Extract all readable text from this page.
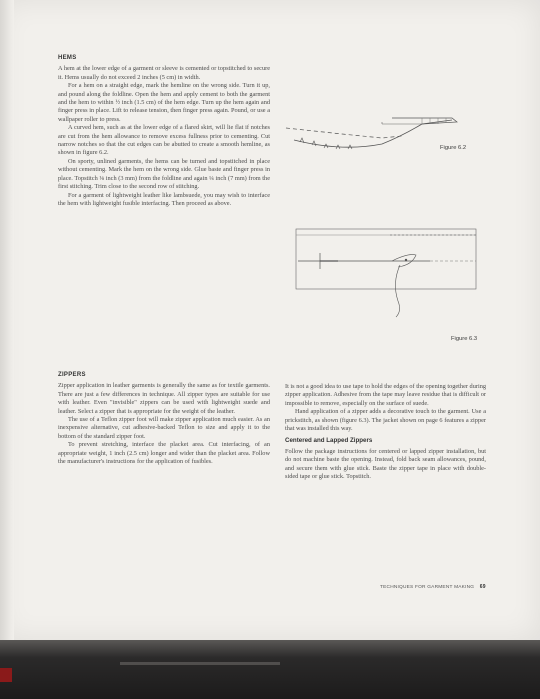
HEMS

A hem at the lower edge of a garment or sleeve is cemented or topstitched to secure it. Hems usually do not exceed 2 inches (5 cm) in width.

For a hem on a straight edge, mark the hemline on the wrong side. Turn it up, and pound along the foldline. Open the hem and apply cement to both the garment and the hem to within ½ inch (1.5 cm) of the hem edge. Turn up the hem again and finger press in place. Lift to release tension, then finger press again. Pound, or use a wallpaper roller to press.

A curved hem, such as at the lower edge of a flared skirt, will lie flat if notches are cut from the hem allowance to remove excess fullness prior to cementing. Cut narrow notches so that the cut edges can be abutted to create a smooth hemline, as shown in figure 6.2.

On sporty, unlined garments, the hems can be turned and topstitched in place without cementing. Mark the hem on the wrong side. Glue baste and finger press in place. Topstitch ⅛ inch (3 mm) from the foldline and again ¼ inch (7 mm) from the first stitching. Trim close to the second row of stitching.

For a garment of lightweight leather like lambsuede, you may wish to interface the hem with lightweight fusible interfacing. Then proceed as above.

ZIPPERS

Zipper application in leather garments is generally the same as for textile garments. There are just a few differences in technique. All zipper types are suitable for use with leather. Even "invisible" zippers can be used with lightweight suede and leather. Select a zipper that is appropriate for the weight of the leather.

The use of a Teflon zipper foot will make zipper application much easier. As an inexpensive alternative, cut adhesive-backed Teflon to size and apply it to the bottom of the standard zipper foot.

To prevent stretching, interface the placket area. Cut interfacing, of an appropriate weight, 1 inch (2.5 cm) longer and wider than the placket area. Follow the manufacturer's instructions for the application of fusibles.

It is not a good idea to use tape to hold the edges of the opening together during zipper application. Adhesive from the tape may leave residue that is difficult or impossible to remove, especially on the surface of suede.

Hand application of a zipper adds a decorative touch to the garment. Use a prickstitch, as shown (figure 6.3). The jacket shown on page 6 features a zipper that was installed this way.

Centered and Lapped Zippers

Follow the package instructions for centered or lapped zipper installation, but do not machine baste the opening. Instead, fold back seam allowances, pound, and secure them with glue stick. Baste the zipper tape in place with double-sided tape or glue stick. Topstitch.

Figure 6.2
Figure 6.3
TECHNIQUES FOR GARMENT MAKING 69
